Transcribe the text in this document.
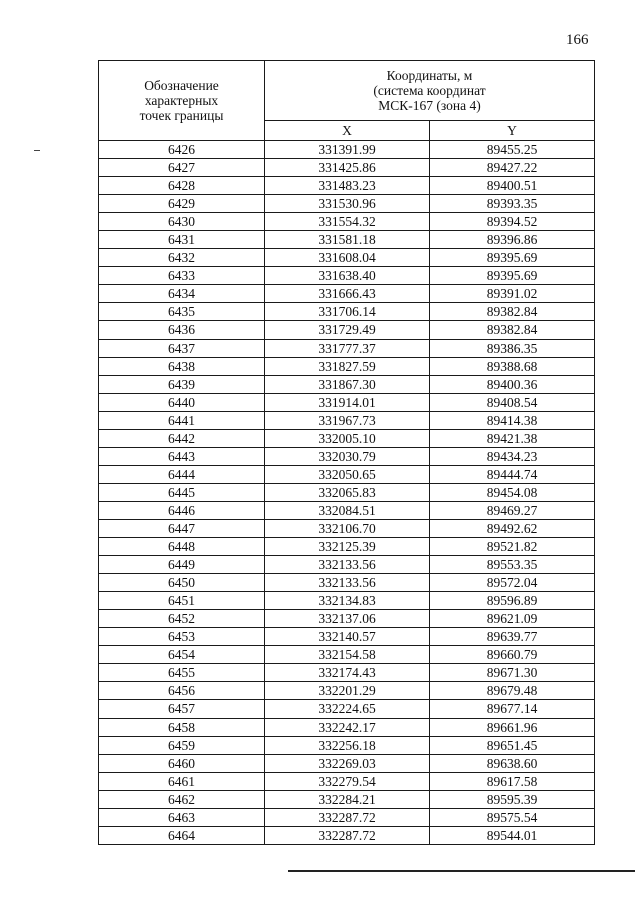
166
Обозначение
характерных
точек границы	Координаты, м
(система координат
МСК-167 (зона 4)	
	X	Y
6426	331391.99	89455.25
6427	331425.86	89427.22
6428	331483.23	89400.51
6429	331530.96	89393.35
6430	331554.32	89394.52
6431	331581.18	89396.86
6432	331608.04	89395.69
6433	331638.40	89395.69
6434	331666.43	89391.02
6435	331706.14	89382.84
6436	331729.49	89382.84
6437	331777.37	89386.35
6438	331827.59	89388.68
6439	331867.30	89400.36
6440	331914.01	89408.54
6441	331967.73	89414.38
6442	332005.10	89421.38
6443	332030.79	89434.23
6444	332050.65	89444.74
6445	332065.83	89454.08
6446	332084.51	89469.27
6447	332106.70	89492.62
6448	332125.39	89521.82
6449	332133.56	89553.35
6450	332133.56	89572.04
6451	332134.83	89596.89
6452	332137.06	89621.09
6453	332140.57	89639.77
6454	332154.58	89660.79
6455	332174.43	89671.30
6456	332201.29	89679.48
6457	332224.65	89677.14
6458	332242.17	89661.96
6459	332256.18	89651.45
6460	332269.03	89638.60
6461	332279.54	89617.58
6462	332284.21	89595.39
6463	332287.72	89575.54
6464	332287.72	89544.01
